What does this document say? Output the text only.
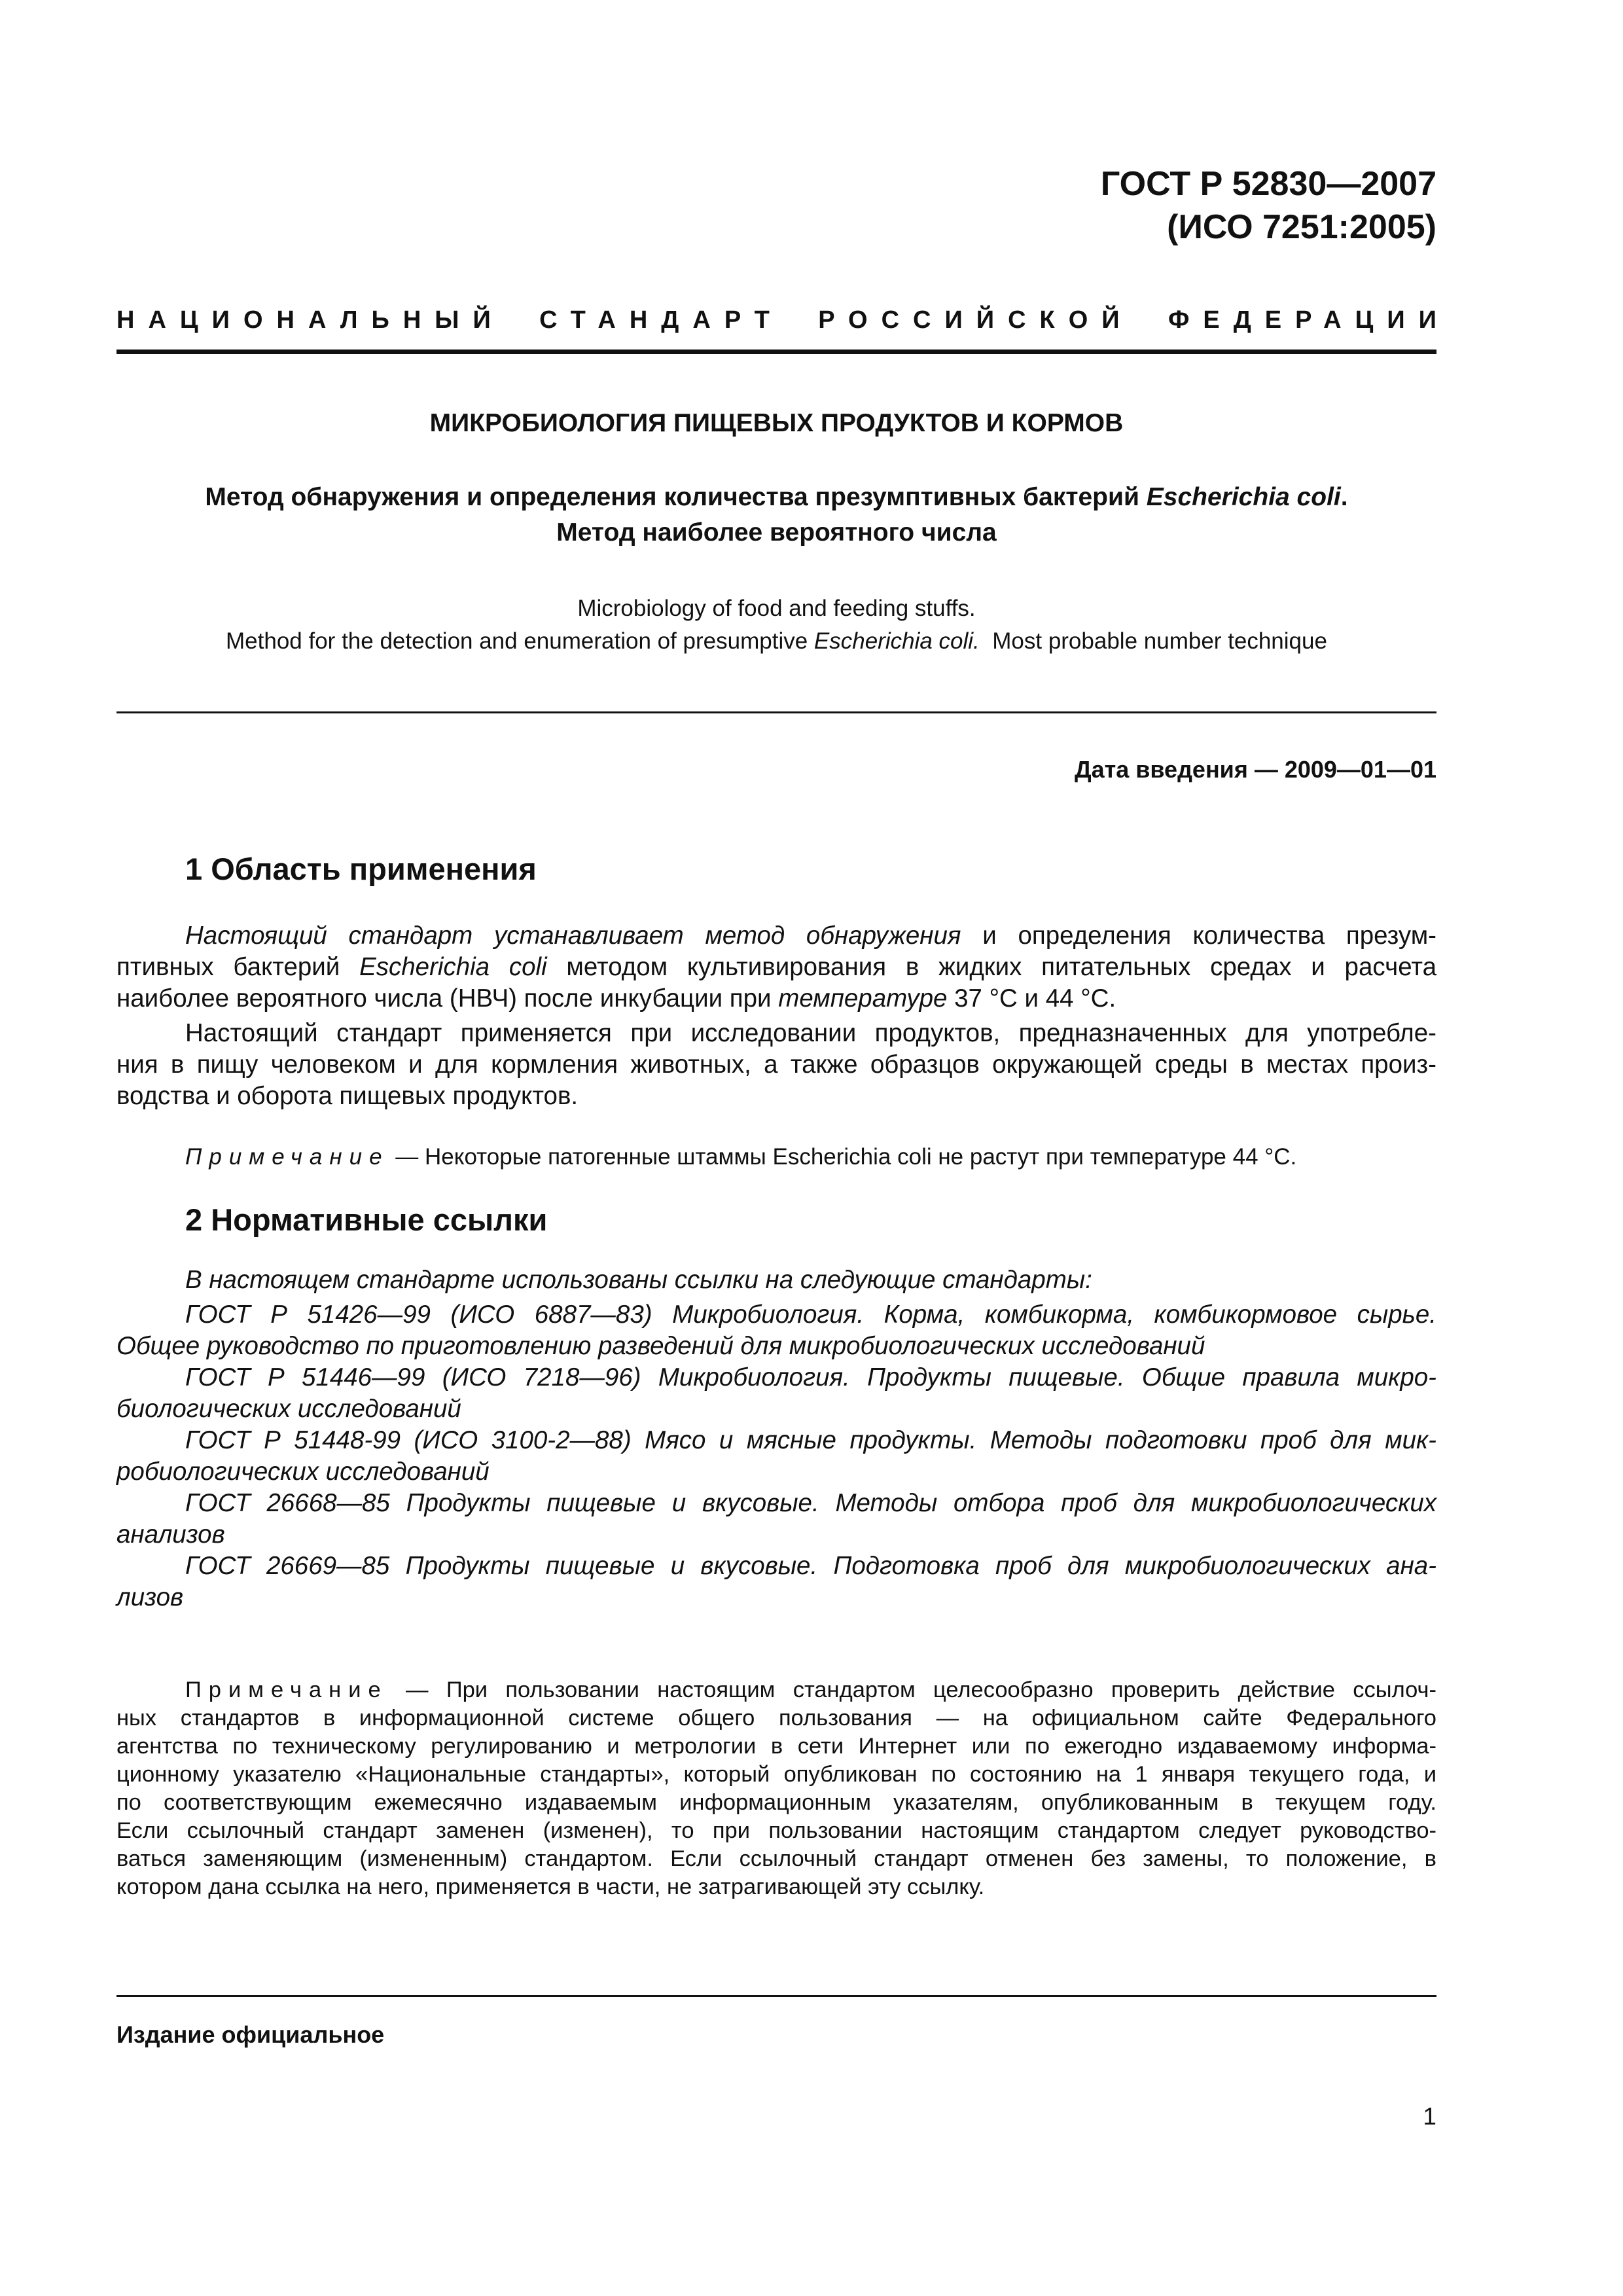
ГОСТ Р 52830—2007
(ИСО 7251:2005)
НАЦИОНАЛЬНЫЙ СТАНДАРТ РОССИЙСКОЙ ФЕДЕРАЦИИ
МИКРОБИОЛОГИЯ ПИЩЕВЫХ ПРОДУКТОВ И КОРМОВ
Метод обнаружения и определения количества презумптивных бактерий Escherichia coli.
Метод наиболее вероятного числа
Microbiology of food and feeding stuffs.
Method for the detection and enumeration of presumptive Escherichia coli.  Most probable number technique
Дата введения — 2009—01—01
1 Область применения
Настоящий стандарт устанавливает метод обнаружения и определения количества презум-
птивных бактерий Escherichia coli методом культивирования в жидких питательных средах и расчета
наиболее вероятного числа (НВЧ) после инкубации при температуре 37 °С и 44 °С.
Настоящий стандарт применяется при исследовании продуктов, предназначенных для употребле-
ния в пищу человеком и для кормления животных, а также образцов окружающей среды в местах произ-
водства и оборота пищевых продуктов.
Примечание — Некоторые патогенные штаммы Escherichia coli не растут при температуре 44 °С.
2 Нормативные ссылки
В настоящем стандарте использованы ссылки на следующие стандарты:
ГОСТ Р 51426—99 (ИСО 6887—83) Микробиология. Корма, комбикорма, комбикормовое сырье.
Общее руководство по приготовлению разведений для микробиологических исследований
ГОСТ Р 51446—99 (ИСО 7218—96) Микробиология. Продукты пищевые. Общие правила микро-
биологических исследований
ГОСТ Р 51448-99 (ИСО 3100-2—88) Мясо и мясные продукты. Методы подготовки проб для мик-
робиологических исследований
ГОСТ 26668—85 Продукты пищевые и вкусовые. Методы отбора проб для микробиологических
анализов
ГОСТ 26669—85 Продукты пищевые и вкусовые. Подготовка проб для микробиологических ана-
лизов
Примечание — При пользовании настоящим стандартом целесообразно проверить действие ссылоч-
ных стандартов в информационной системе общего пользования — на официальном сайте Федерального
агентства по техническому регулированию и метрологии в сети Интернет или по ежегодно издаваемому информа-
ционному указателю «Национальные стандарты», который опубликован по состоянию на 1 января текущего года, и
по соответствующим ежемесячно издаваемым информационным указателям, опубликованным в текущем году.
Если ссылочный стандарт заменен (изменен), то при пользовании настоящим стандартом следует руководство-
ваться заменяющим (измененным) стандартом. Если ссылочный стандарт отменен без замены, то положение, в
котором дана ссылка на него, применяется в части, не затрагивающей эту ссылку.
Издание официальное
1
